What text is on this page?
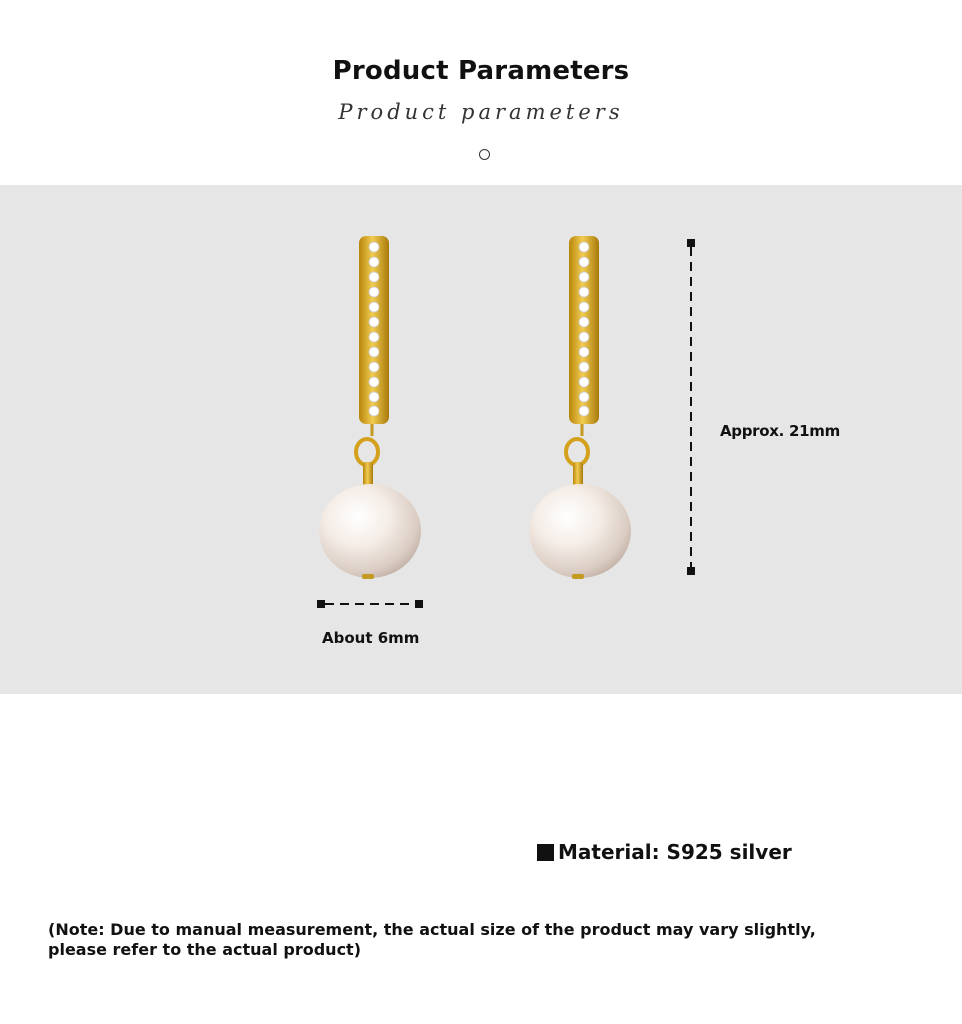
Product Parameters
Product parameters
Approx. 21mm
About 6mm
Material: S925 silver
(Note: Due to manual measurement, the actual size of the product may vary slightly, please refer to the actual product)
